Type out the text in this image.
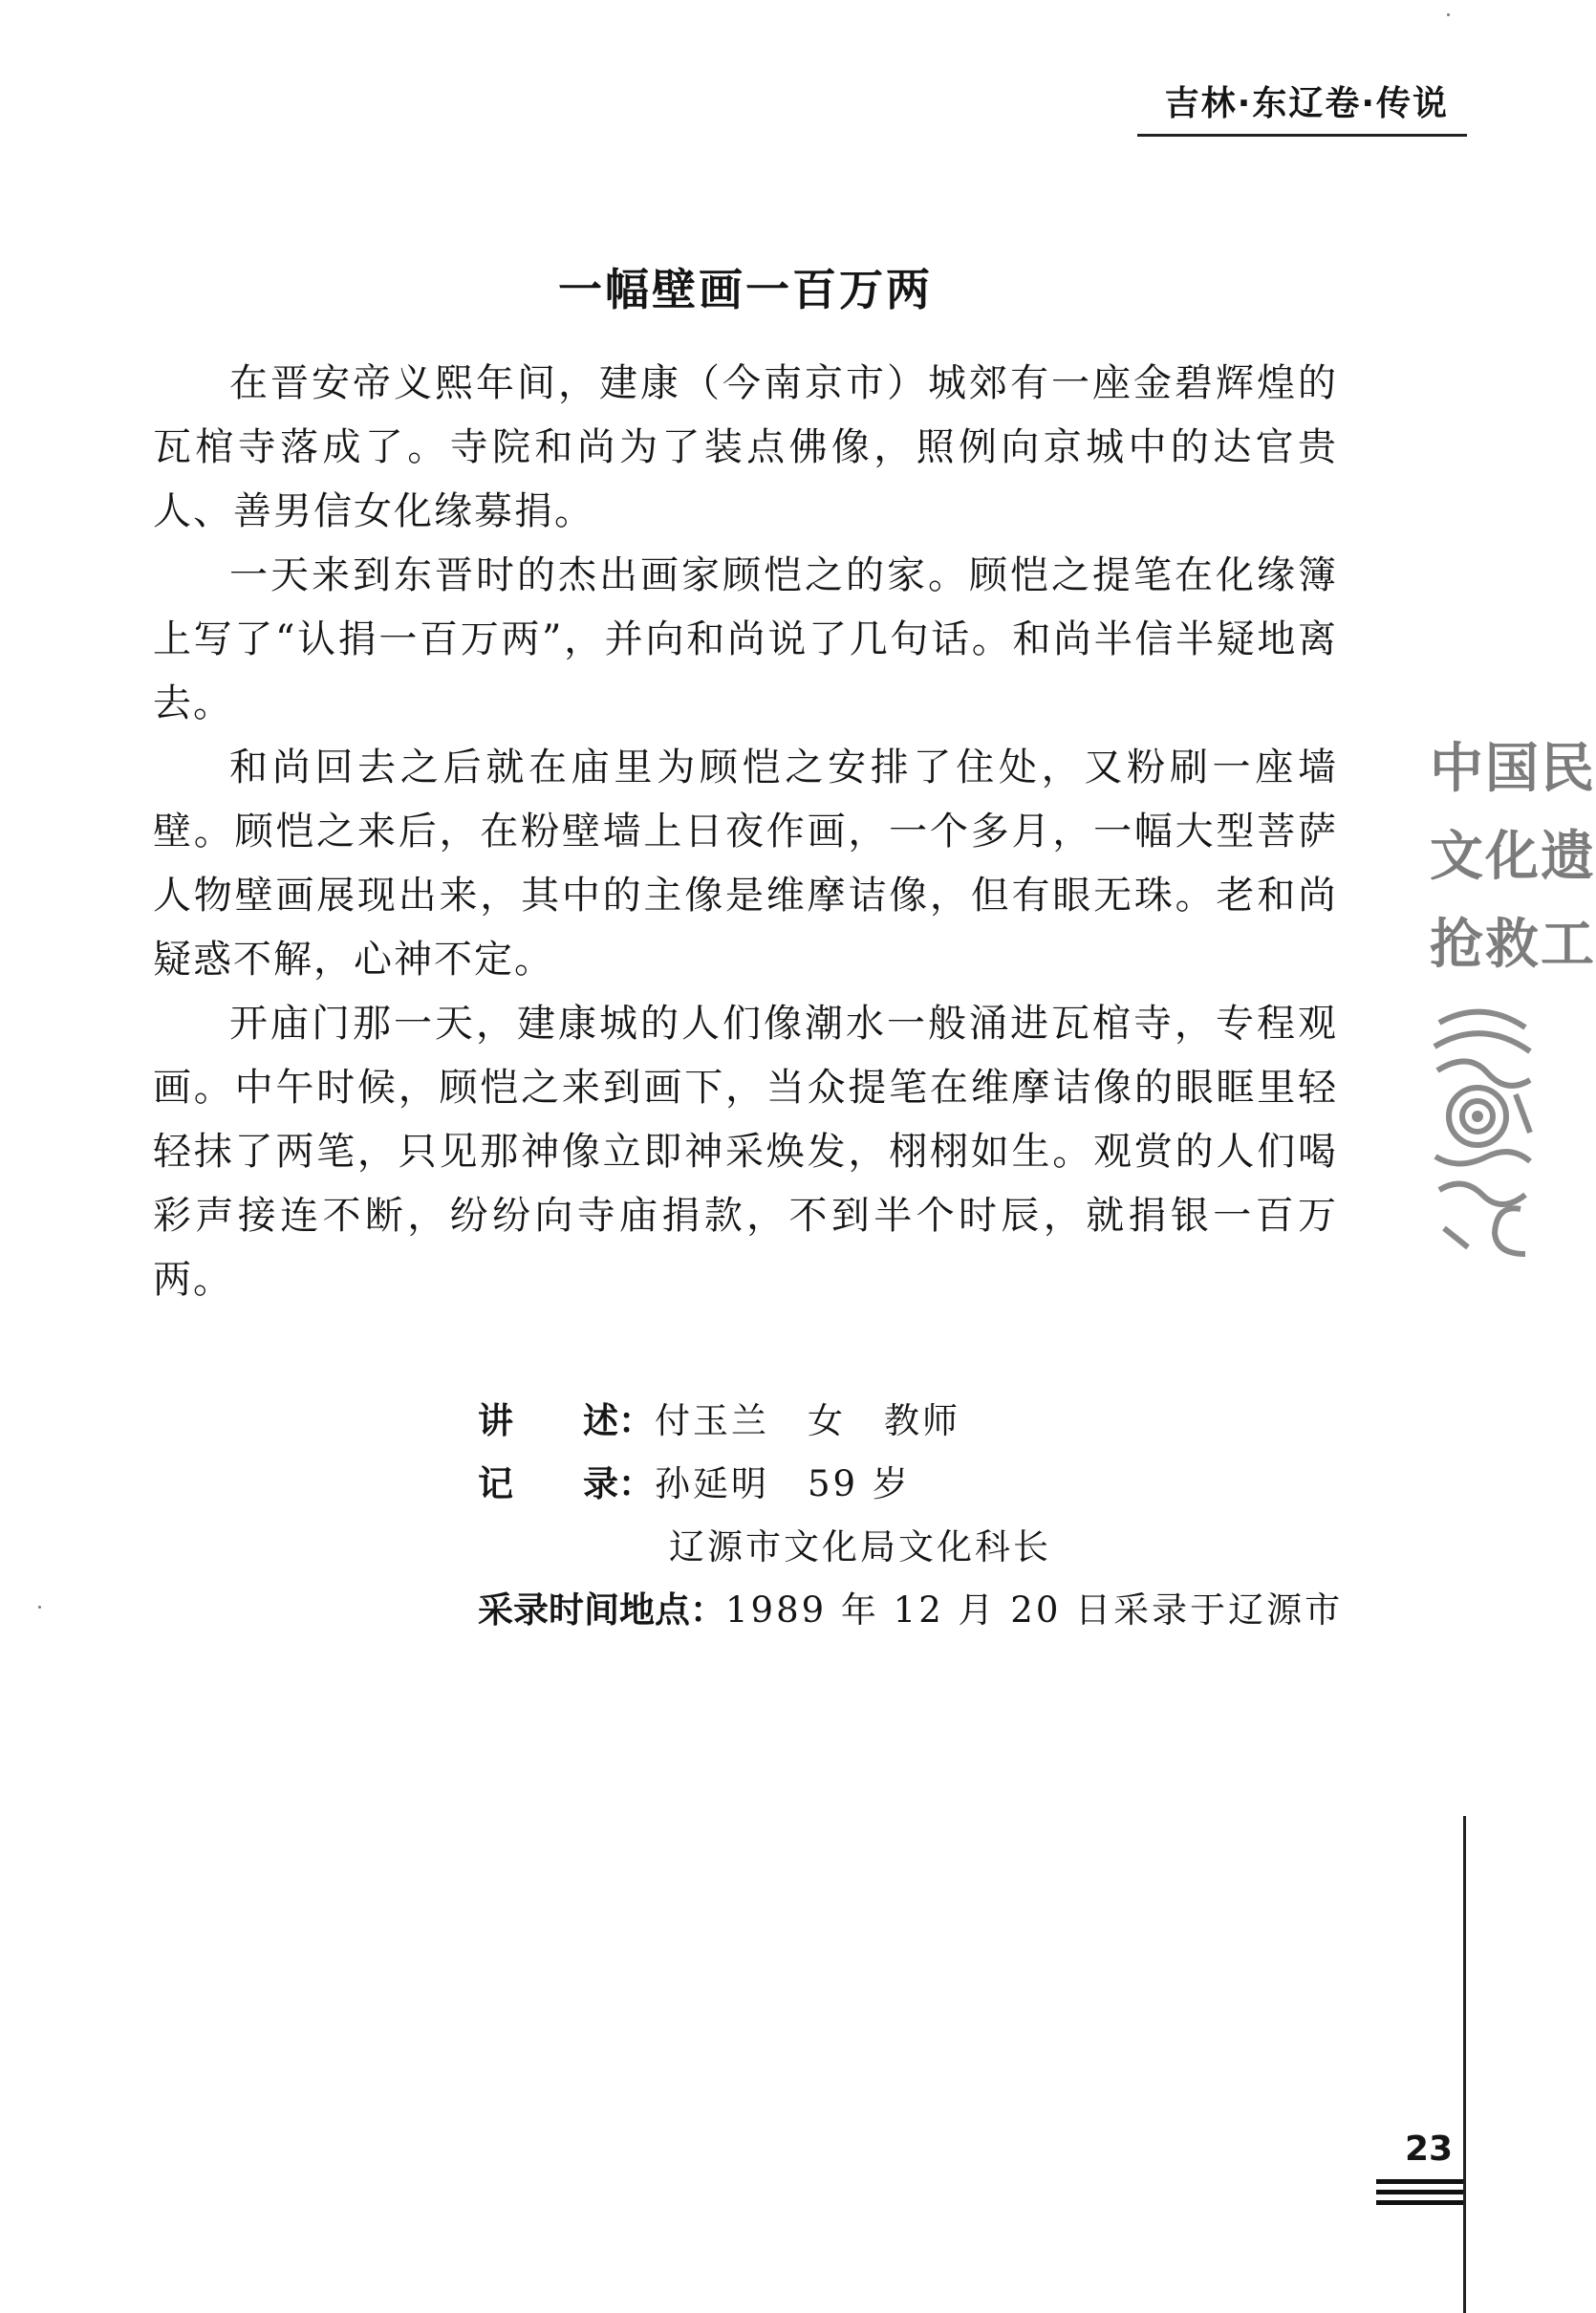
吉林·东辽卷·传说
一幅壁画一百万两

在晋安帝义熙年间，建康（今南京市）城郊有一座金碧辉煌的瓦棺寺落成了。寺院和尚为了装点佛像，照例向京城中的达官贵人、善男信女化缘募捐。

一天来到东晋时的杰出画家顾恺之的家。顾恺之提笔在化缘簿上写了“认捐一百万两”，并向和尚说了几句话。和尚半信半疑地离去。

和尚回去之后就在庙里为顾恺之安排了住处，又粉刷一座墙壁。顾恺之来后，在粉壁墙上日夜作画，一个多月，一幅大型菩萨人物壁画展现出来，其中的主像是维摩诘像，但有眼无珠。老和尚疑惑不解，心神不定。

开庙门那一天，建康城的人们像潮水一般涌进瓦棺寺，专程观画。中午时候，顾恺之来到画下，当众提笔在维摩诘像的眼眶里轻轻抹了两笔，只见那神像立即神采焕发，栩栩如生。观赏的人们喝彩声接连不断，纷纷向寺庙捐款，不到半个时辰，就捐银一百万两。

讲 述： 付玉兰 女 教师
记 录： 孙延明 59 岁
辽源市文化局文化科长
采录时间地点： 1989 年 12 月 20 日采录于辽源市
中国民
文化遗
抢救工
23
